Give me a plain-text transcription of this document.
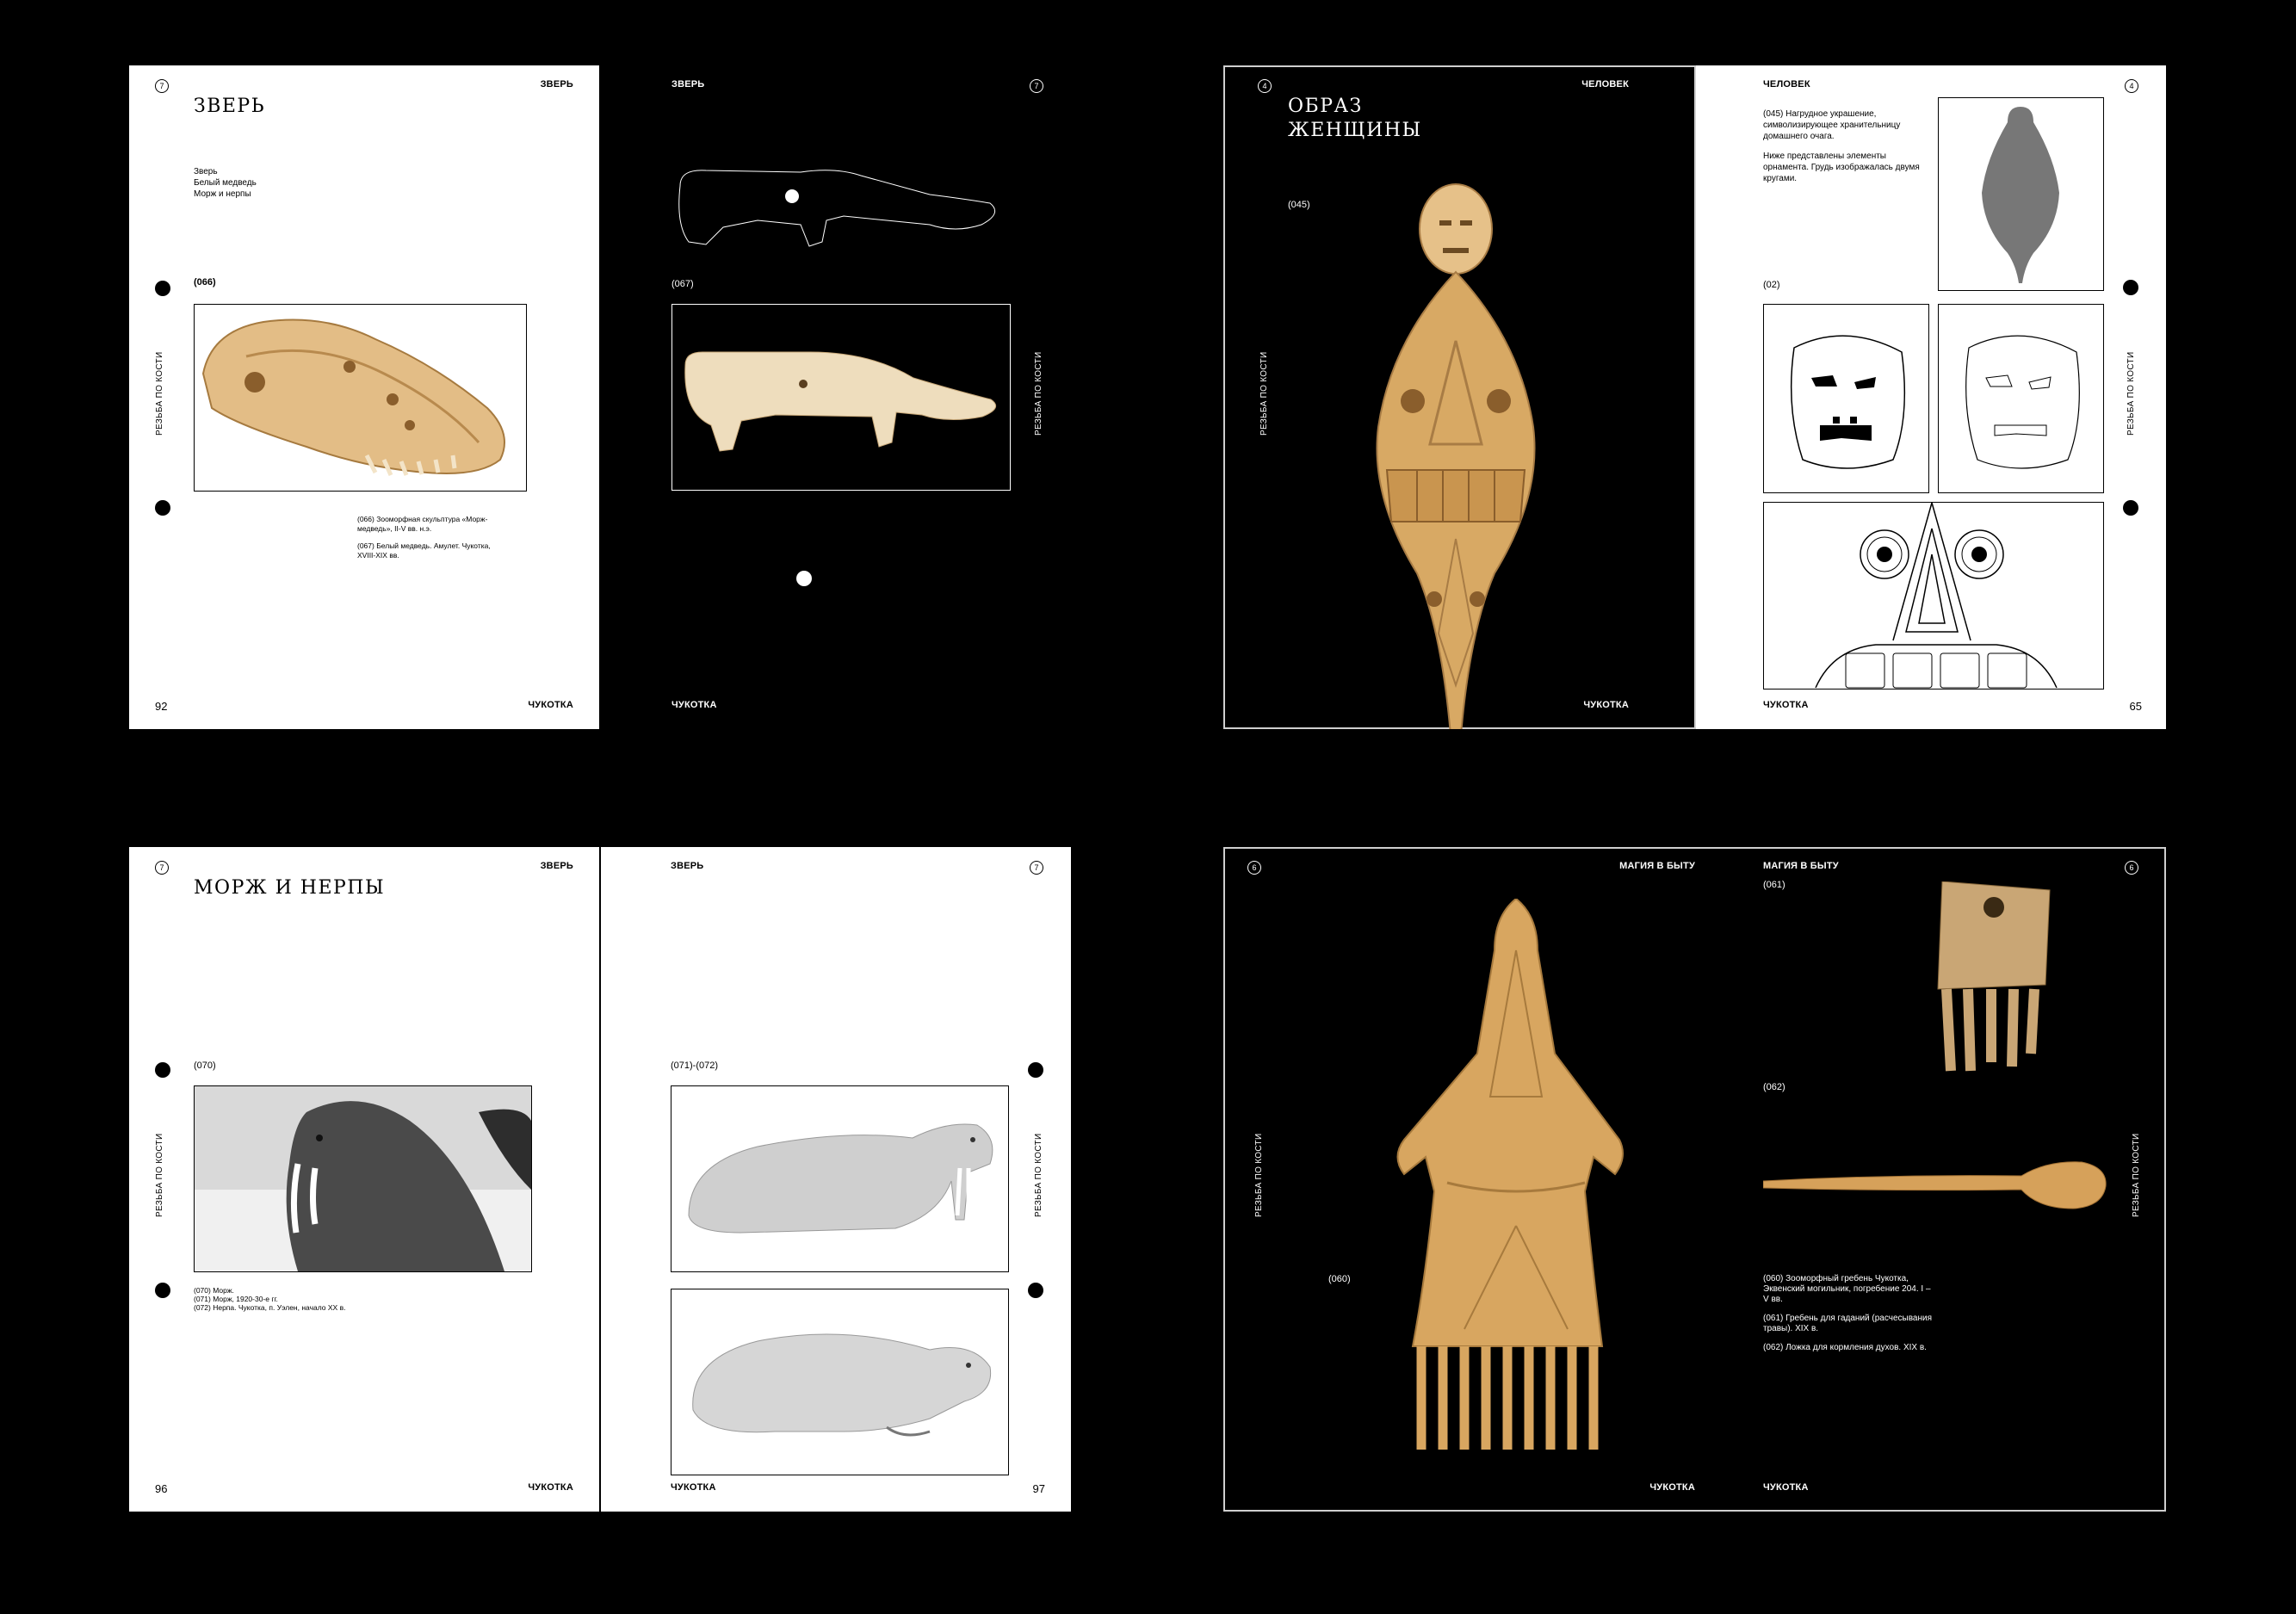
7	ЗВЕРЬ
ЗВЕРЬ
Зверь
Белый медведь
Морж и нерпы
(066)
РЕЗЬБА ПО КОСТИ
(066) Зооморфная скульптура «Морж-медведь», II-V вв. н.э.
(067) Белый медведь. Амулет. Чукотка, XVIII-XIX вв.
92	ЧУКОТКА
ЗВЕРЬ	7
(067)
РЕЗЬБА ПО КОСТИ
ЧУКОТКА
4	ЧЕЛОВЕК
ОБРАЗ
ЖЕНЩИНЫ
(045)
РЕЗЬБА ПО КОСТИ
ЧУКОТКА
ЧЕЛОВЕК	4
(045) Нагрудное украшение, символизирующее хранительницу домашнего очага.
Ниже представлены элементы орнамента. Грудь изображалась двумя кругами.
РЕЗЬБА ПО КОСТИ
(02)
ЧУКОТКА	65
7	ЗВЕРЬ
МОРЖ И НЕРПЫ
(070)
РЕЗЬБА ПО КОСТИ
(070) Морж.
(071) Морж, 1920-30-е гг.
(072) Нерпа. Чукотка, п. Уэлен, начало XX в.
96	ЧУКОТКА
ЗВЕРЬ	7
(071)-(072)
РЕЗЬБА ПО КОСТИ
ЧУКОТКА	97
6	МАГИЯ В БЫТУ	МАГИЯ В БЫТУ	6
РЕЗЬБА ПО КОСТИ	РЕЗЬБА ПО КОСТИ
(060)
(061)
(062)
(060) Зооморфный гребень Чукотка, Эквенский могильник, погребение 204. I – V вв.
(061) Гребень для гаданий (расчесывания травы). XIX в.
(062) Ложка для кормления духов. XIX в.
ЧУКОТКА	ЧУКОТКА
